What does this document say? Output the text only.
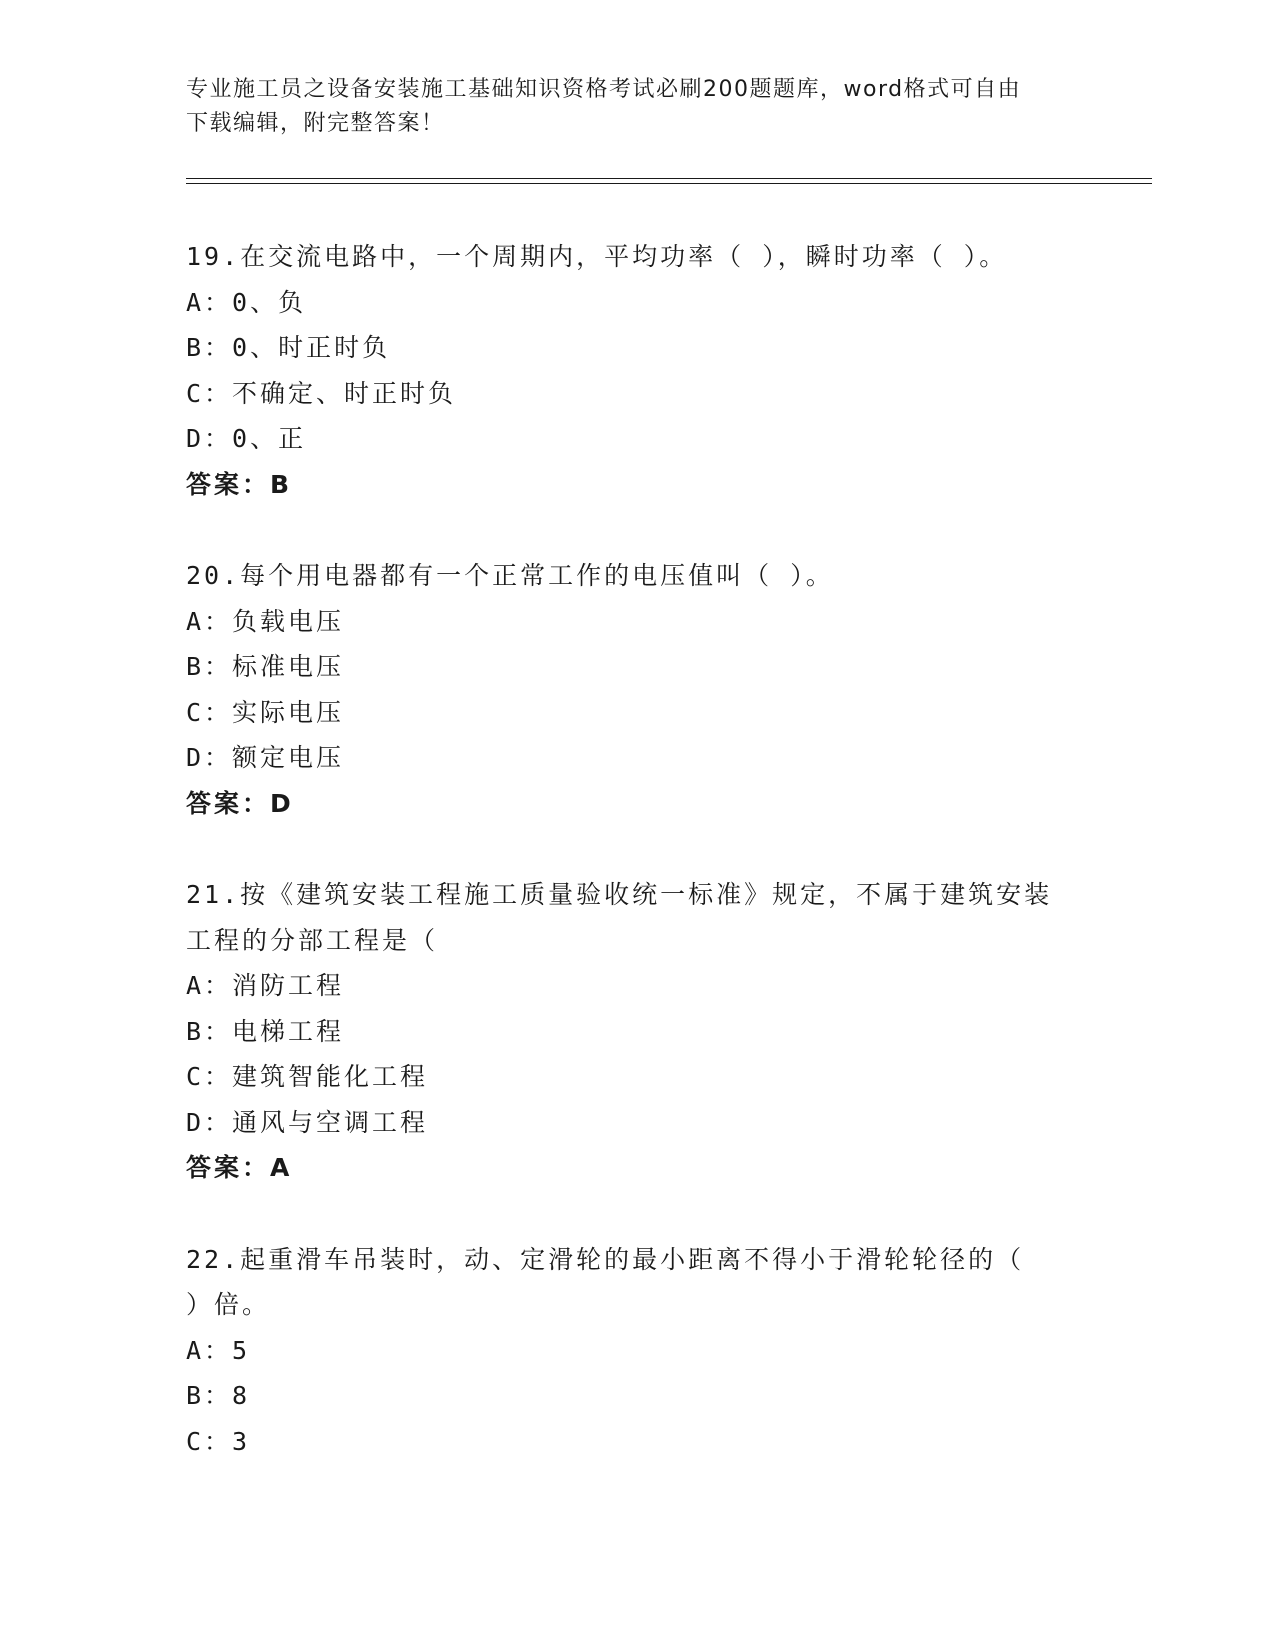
专业施工员之设备安装施工基础知识资格考试必刷200题题库，word格式可自由
下载编辑，附完整答案！
19.在交流电路中，一个周期内，平均功率（ ），瞬时功率（ ）。
A：0、负
B：0、时正时负
C：不确定、时正时负
D：0、正
答案：B
20.每个用电器都有一个正常工作的电压值叫（ ）。
A：负载电压
B：标准电压
C：实际电压
D：额定电压
答案：D
21.按《建筑安装工程施工质量验收统一标准》规定，不属于建筑安装
工程的分部工程是（
A：消防工程
B：电梯工程
C：建筑智能化工程
D：通风与空调工程
答案：A
22.起重滑车吊装时，动、定滑轮的最小距离不得小于滑轮轮径的（
）倍。
A：5
B：8
C：3
